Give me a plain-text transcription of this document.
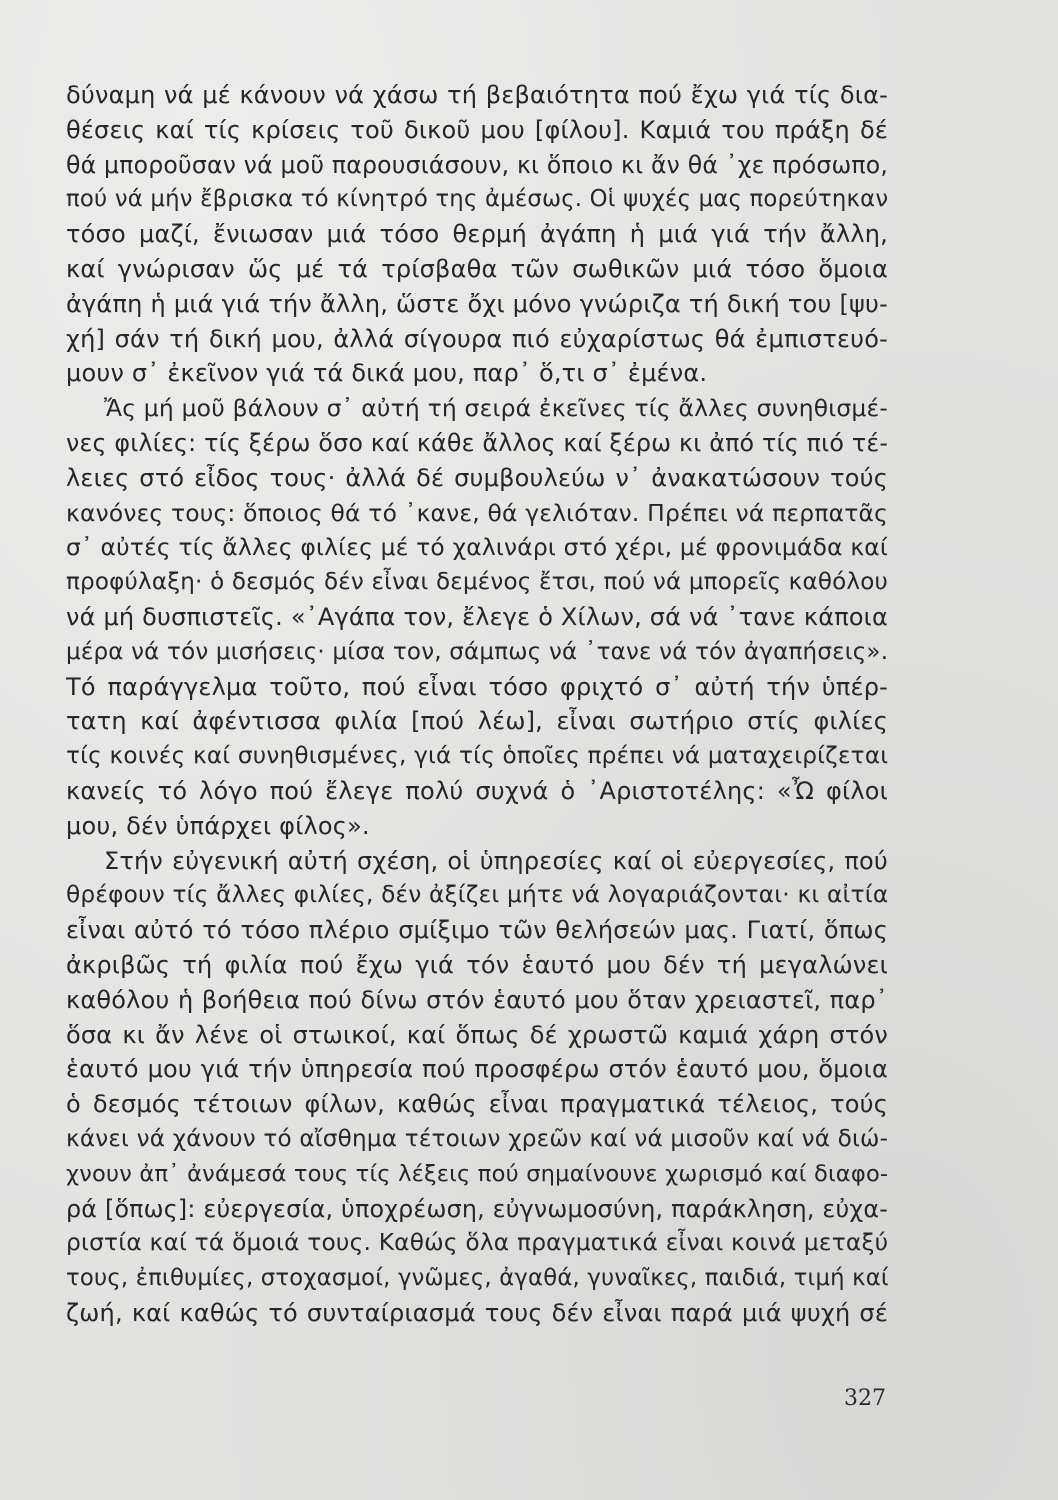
δύναμη νά μέ κάνουν νά χάσω τή βεβαιότητα πού ἔχω γιά τίς δια-
θέσεις καί τίς κρίσεις τοῦ δικοῦ μου [φίλου]. Καμιά του πράξη δέ
θά μποροῦσαν νά μοῦ παρουσιάσουν, κι ὅποιο κι ἄν θά ᾿χε πρόσωπο,
πού νά μήν ἔβρισκα τό κίνητρό της ἀμέσως. Οἱ ψυχές μας πορεύτηκαν
τόσο μαζί, ἔνιωσαν μιά τόσο θερμή ἀγάπη ἡ μιά γιά τήν ἄλλη,
καί γνώρισαν ὥς μέ τά τρίσβαθα τῶν σωθικῶν μιά τόσο ὅμοια
ἀγάπη ἡ μιά γιά τήν ἄλλη, ὥστε ὄχι μόνο γνώριζα τή δική του [ψυ-
χή] σάν τή δική μου, ἀλλά σίγουρα πιό εὐχαρίστως θά ἐμπιστευό-
μουν σ᾿ ἐκεῖνον γιά τά δικά μου, παρ᾿ ὅ,τι σ᾿ ἐμένα.
Ἄς μή μοῦ βάλουν σ᾿ αὐτή τή σειρά ἐκεῖνες τίς ἄλλες συνηθισμέ-
νες φιλίες: τίς ξέρω ὅσο καί κάθε ἄλλος καί ξέρω κι ἀπό τίς πιό τέ-
λειες στό εἶδος τους· ἀλλά δέ συμβουλεύω ν᾿ ἀνακατώσουν τούς
κανόνες τους: ὅποιος θά τό ᾿κανε, θά γελιόταν. Πρέπει νά περπατᾶς
σ᾿ αὐτές τίς ἄλλες φιλίες μέ τό χαλινάρι στό χέρι, μέ φρονιμάδα καί
προφύλαξη· ὁ δεσμός δέν εἶναι δεμένος ἔτσι, πού νά μπορεῖς καθόλου
νά μή δυσπιστεῖς. «᾿Αγάπα τον, ἔλεγε ὁ Χίλων, σά νά ᾿τανε κάποια
μέρα νά τόν μισήσεις· μίσα τον, σάμπως νά ᾿τανε νά τόν ἀγαπήσεις».
Τό παράγγελμα τοῦτο, πού εἶναι τόσο φριχτό σ᾿ αὐτή τήν ὑπέρ-
τατη καί ἀφέντισσα φιλία [πού λέω], εἶναι σωτήριο στίς φιλίες
τίς κοινές καί συνηθισμένες, γιά τίς ὁποῖες πρέπει νά ματαχειρίζεται
κανείς τό λόγο πού ἔλεγε πολύ συχνά ὁ ᾿Αριστοτέλης: «Ὦ φίλοι
μου, δέν ὑπάρχει φίλος».
Στήν εὐγενική αὐτή σχέση, οἱ ὑπηρεσίες καί οἱ εὐεργεσίες, πού
θρέφουν τίς ἄλλες φιλίες, δέν ἀξίζει μήτε νά λογαριάζονται· κι αἰτία
εἶναι αὐτό τό τόσο πλέριο σμίξιμο τῶν θελήσεών μας. Γιατί, ὅπως
ἀκριβῶς τή φιλία πού ἔχω γιά τόν ἑαυτό μου δέν τή μεγαλώνει
καθόλου ἡ βοήθεια πού δίνω στόν ἑαυτό μου ὅταν χρειαστεῖ, παρ᾿
ὅσα κι ἄν λένε οἱ στωικοί, καί ὅπως δέ χρωστῶ καμιά χάρη στόν
ἑαυτό μου γιά τήν ὑπηρεσία πού προσφέρω στόν ἑαυτό μου, ὅμοια
ὁ δεσμός τέτοιων φίλων, καθώς εἶναι πραγματικά τέλειος, τούς
κάνει νά χάνουν τό αἴσθημα τέτοιων χρεῶν καί νά μισοῦν καί νά διώ-
χνουν ἀπ᾿ ἀνάμεσά τους τίς λέξεις πού σημαίνουνε χωρισμό καί διαφο-
ρά [ὅπως]: εὐεργεσία, ὑποχρέωση, εὐγνωμοσύνη, παράκληση, εὐχα-
ριστία καί τά ὅμοιά τους. Καθώς ὅλα πραγματικά εἶναι κοινά μεταξύ
τους, ἐπιθυμίες, στοχασμοί, γνῶμες, ἀγαθά, γυναῖκες, παιδιά, τιμή καί
ζωή, καί καθώς τό συνταίριασμά τους δέν εἶναι παρά μιά ψυχή σέ
327
